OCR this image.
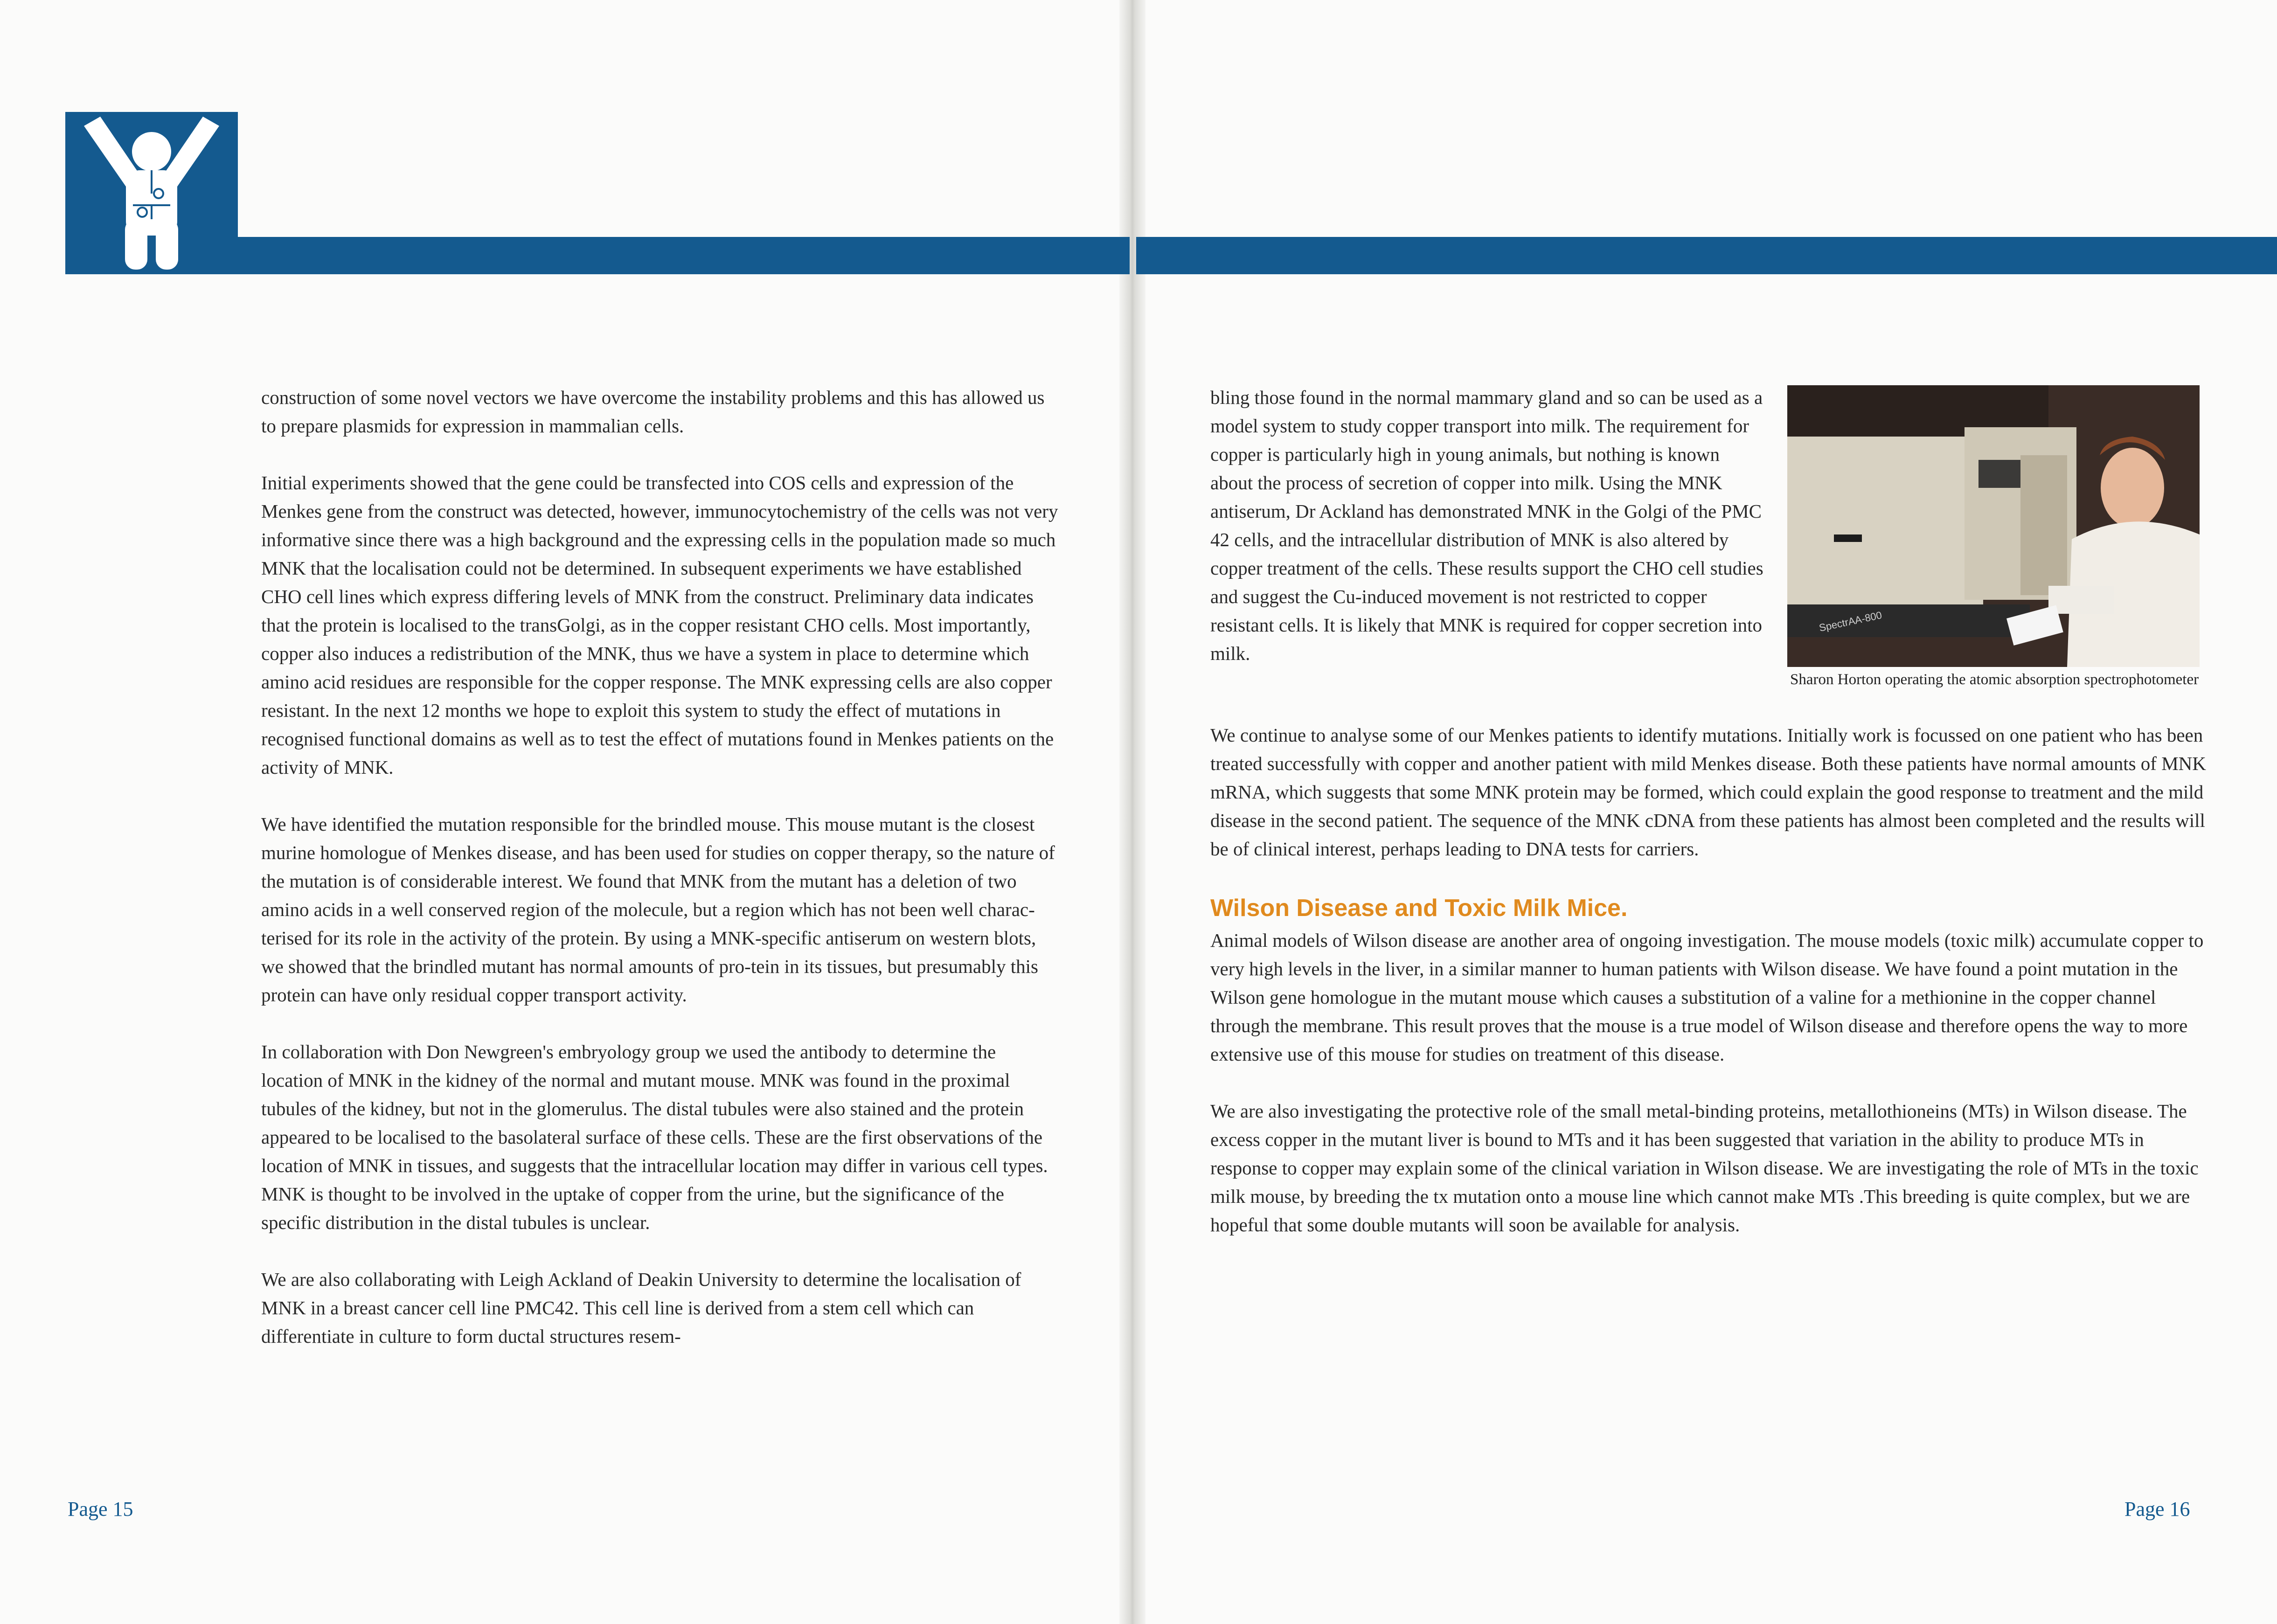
construction of some novel vectors we have overcome the instability problems and this has allowed us to prepare plasmids for expression in mammalian cells.

Initial experiments showed that the gene could be transfected into COS cells and expression of the Menkes gene from the construct was detected, however, immunocytochemistry of the cells was not very informative since there was a high background and the expressing cells in the population made so much MNK that the localisation could not be determined. In subsequent experiments we have established CHO cell lines which express differing levels of MNK from the construct. Preliminary data indicates that the protein is localised to the transGolgi, as in the copper resistant CHO cells. Most importantly, copper also induces a redistribution of the MNK, thus we have a system in place to determine which amino acid residues are responsible for the copper response. The MNK expressing cells are also copper resistant. In the next 12 months we hope to exploit this system to study the effect of mutations in recognised functional domains as well as to test the effect of mutations found in Menkes patients on the activity of MNK.

We have identified the mutation responsible for the brindled mouse. This mouse mutant is the closest murine homologue of Menkes disease, and has been used for studies on copper therapy, so the nature of the mutation is of considerable interest. We found that MNK from the mutant has a deletion of two amino acids in a well conserved region of the molecule, but a region which has not been well charac-terised for its role in the activity of the protein. By using a MNK-specific antiserum on western blots, we showed that the brindled mutant has normal amounts of pro-tein in its tissues, but presumably this protein can have only residual copper transport activity.

In collaboration with Don Newgreen's embryology group we used the antibody to determine the location of MNK in the kidney of the normal and mutant mouse. MNK was found in the proximal tubules of the kidney, but not in the glomerulus. The distal tubules were also stained and the protein appeared to be localised to the basolateral surface of these cells. These are the first observations of the location of MNK in tissues, and suggests that the intracellular location may differ in various cell types. MNK is thought to be involved in the uptake of copper from the urine, but the significance of the specific distribution in the distal tubules is unclear.

We are also collaborating with Leigh Ackland of Deakin University to determine the localisation of MNK in a breast cancer cell line PMC42. This cell line is derived from a stem cell which can differentiate in culture to form ductal structures resem-

Page 15

bling those found in the normal mammary gland and so can be used as a model system to study copper transport into milk. The requirement for copper is particularly high in young animals, but nothing is known about the process of secretion of copper into milk. Using the MNK antiserum, Dr Ackland has demonstrated MNK in the Golgi of the PMC 42 cells, and the intracellular distribution of MNK is also altered by copper treatment of the cells. These results support the CHO cell studies and suggest the Cu-induced movement is not restricted to copper resistant cells. It is likely that MNK is required for copper secretion into milk.

SpectrAA-800
Sharon Horton operating the atomic absorption spectrophotometer

We continue to analyse some of our Menkes patients to identify mutations. Initially work is focussed on one patient who has been treated successfully with copper and another patient with mild Menkes disease. Both these patients have normal amounts of MNK mRNA, which suggests that some MNK protein may be formed, which could explain the good response to treatment and the mild disease in the second patient. The sequence of the MNK cDNA from these patients has almost been completed and the results will be of clinical interest, perhaps leading to DNA tests for carriers.

Wilson Disease and Toxic Milk Mice.

Animal models of Wilson disease are another area of ongoing investigation. The mouse models (toxic milk) accumulate copper to very high levels in the liver, in a similar manner to human patients with Wilson disease. We have found a point mutation in the Wilson gene homologue in the mutant mouse which causes a substitution of a valine for a methionine in the copper channel through the membrane. This result proves that the mouse is a true model of Wilson disease and therefore opens the way to more extensive use of this mouse for studies on treatment of this disease.

We are also investigating the protective role of the small metal-binding proteins, metallothioneins (MTs) in Wilson disease. The excess copper in the mutant liver is bound to MTs and it has been suggested that variation in the ability to produce MTs in response to copper may explain some of the clinical variation in Wilson disease. We are investigating the role of MTs in the toxic milk mouse, by breeding the tx mutation onto a mouse line which cannot make MTs .This breeding is quite complex, but we are hopeful that some double mutants will soon be available for analysis.

Page 16
